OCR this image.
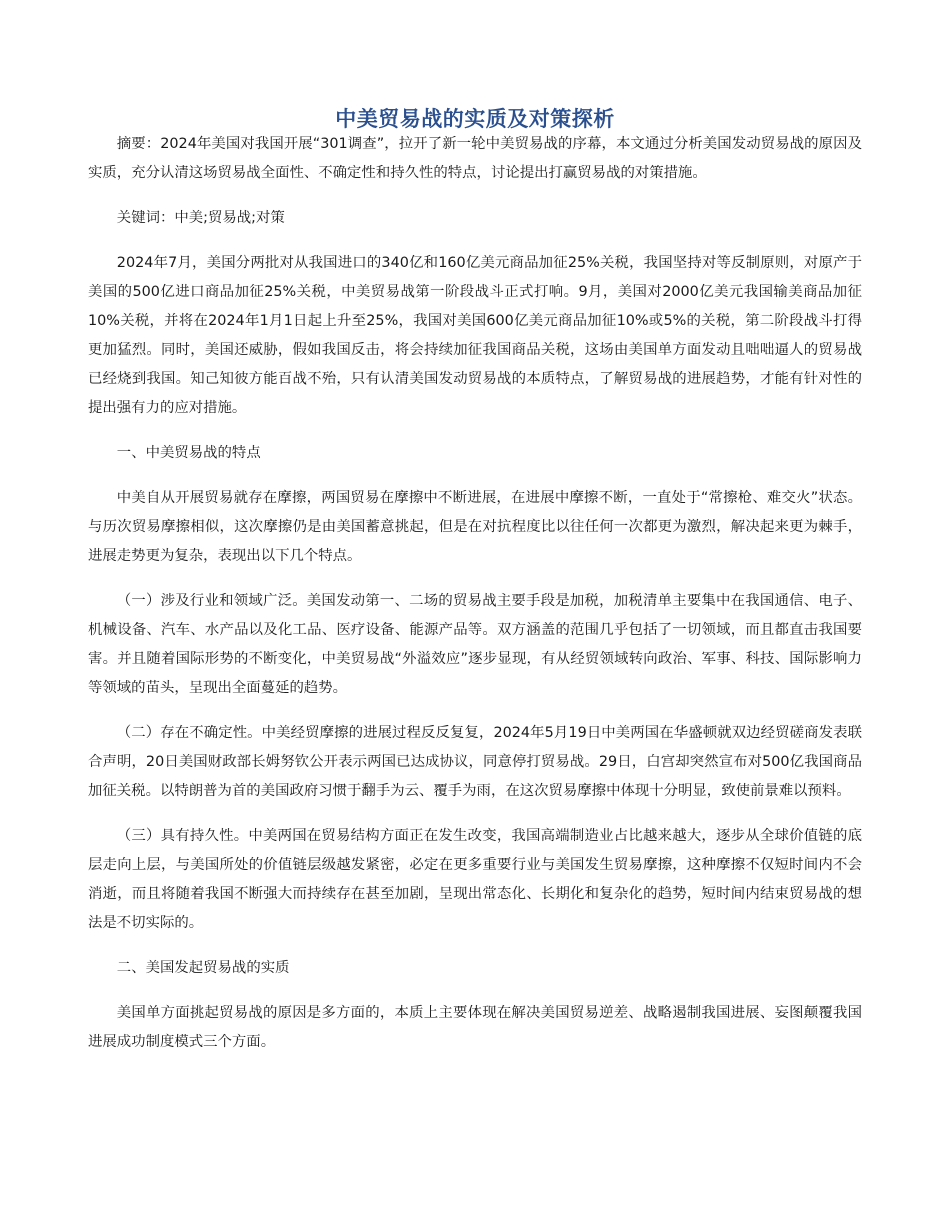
中美贸易战的实质及对策探析

摘要：2024年美国对我国开展“301调查”，拉开了新一轮中美贸易战的序幕，本文通过分析美国发动贸易战的原因及实质，充分认清这场贸易战全面性、不确定性和持久性的特点，讨论提出打赢贸易战的对策措施。

关键词：中美;贸易战;对策

2024年7月，美国分两批对从我国进口的340亿和160亿美元商品加征25%关税，我国坚持对等反制原则，对原产于美国的500亿进口商品加征25%关税，中美贸易战第一阶段战斗正式打响。9月，美国对2000亿美元我国输美商品加征10%关税，并将在2024年1月1日起上升至25%，我国对美国600亿美元商品加征10%或5%的关税，第二阶段战斗打得更加猛烈。同时，美国还威胁，假如我国反击，将会持续加征我国商品关税，这场由美国单方面发动且咄咄逼人的贸易战已经烧到我国。知己知彼方能百战不殆，只有认清美国发动贸易战的本质特点，了解贸易战的进展趋势，才能有针对性的提出强有力的应对措施。

一、中美贸易战的特点

中美自从开展贸易就存在摩擦，两国贸易在摩擦中不断进展，在进展中摩擦不断，一直处于“常擦枪、难交火”状态。与历次贸易摩擦相似，这次摩擦仍是由美国蓄意挑起，但是在对抗程度比以往任何一次都更为激烈，解决起来更为棘手，进展走势更为复杂，表现出以下几个特点。

（一）涉及行业和领域广泛。美国发动第一、二场的贸易战主要手段是加税，加税清单主要集中在我国通信、电子、机械设备、汽车、水产品以及化工品、医疗设备、能源产品等。双方涵盖的范围几乎包括了一切领域，而且都直击我国要害。并且随着国际形势的不断变化，中美贸易战“外溢效应”逐步显现，有从经贸领域转向政治、军事、科技、国际影响力等领域的苗头，呈现出全面蔓延的趋势。

（二）存在不确定性。中美经贸摩擦的进展过程反反复复，2024年5月19日中美两国在华盛顿就双边经贸磋商发表联合声明，20日美国财政部长姆努钦公开表示两国已达成协议，同意停打贸易战。29日，白宫却突然宣布对500亿我国商品加征关税。以特朗普为首的美国政府习惯于翻手为云、覆手为雨，在这次贸易摩擦中体现十分明显，致使前景难以预料。

（三）具有持久性。中美两国在贸易结构方面正在发生改变，我国高端制造业占比越来越大，逐步从全球价值链的底层走向上层，与美国所处的价值链层级越发紧密，必定在更多重要行业与美国发生贸易摩擦，这种摩擦不仅短时间内不会消逝，而且将随着我国不断强大而持续存在甚至加剧，呈现出常态化、长期化和复杂化的趋势，短时间内结束贸易战的想法是不切实际的。

二、美国发起贸易战的实质

美国单方面挑起贸易战的原因是多方面的，本质上主要体现在解决美国贸易逆差、战略遏制我国进展、妄图颠覆我国进展成功制度模式三个方面。
